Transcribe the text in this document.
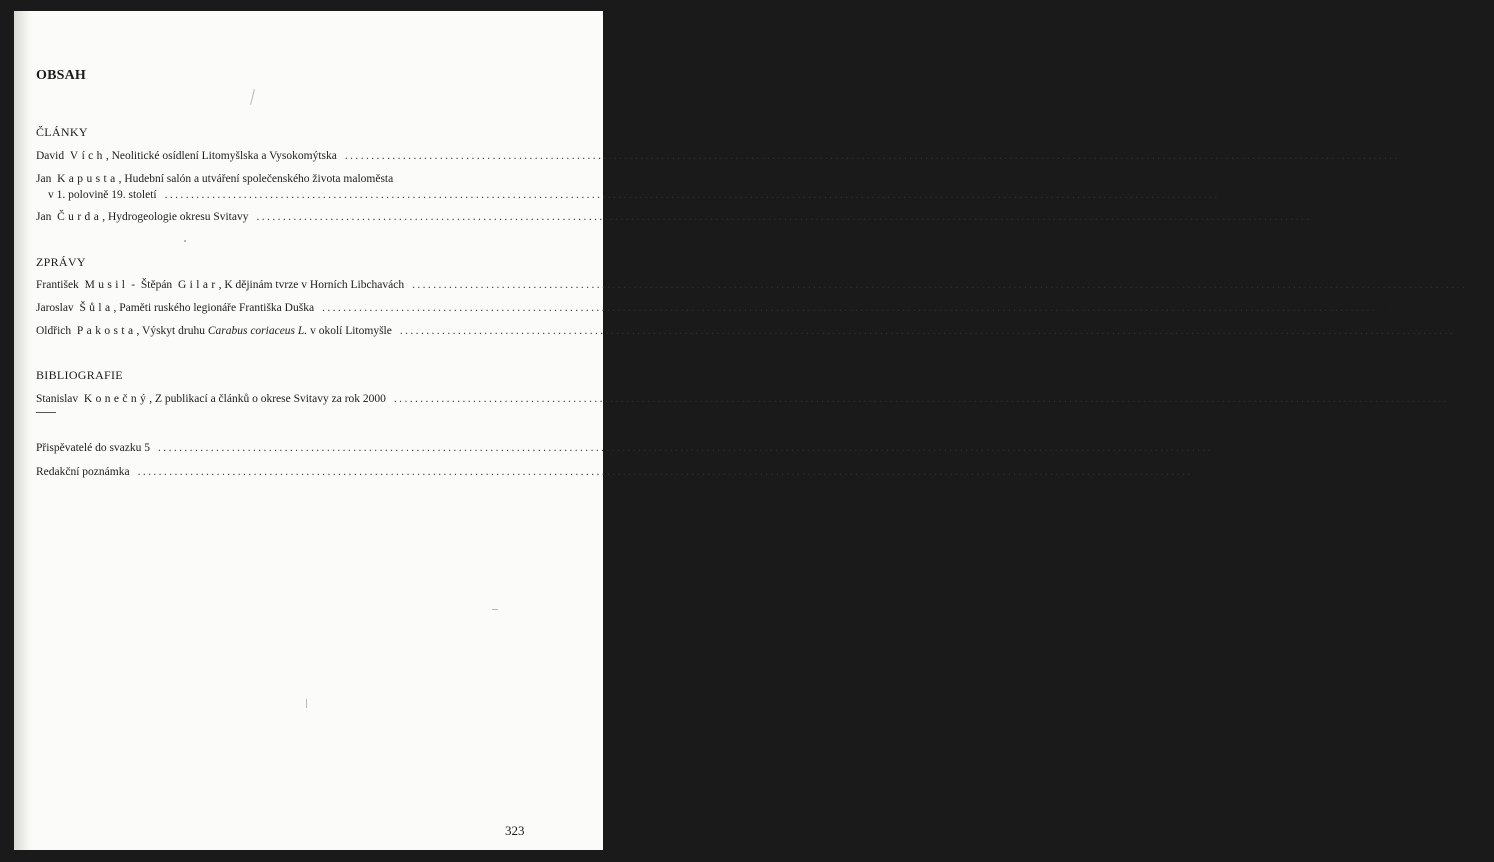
OBSAH
ČLÁNKY
David Vích, Neolitické osídlení Litomyšlska a Vysokomýtska ........................................................................................................................................................................................................ 7
Jan Kapusta, Hudební salón a utváření společenského života maloměsta
v 1. polovině 19. století ........................................................................................................................................................................................................ 79
Jan Čurda, Hydrogeologie okresu Svitavy ........................................................................................................................................................................................................ 133
ZPRÁVY
František Musil - Štěpán Gilar, K dějinám tvrze v Horních Libchavách ........................................................................................................................................................................................................ 243
Jaroslav Šůla, Paměti ruského legionáře Františka Duška ........................................................................................................................................................................................................ 251
Oldřich Pakosta, Výskyt druhu Carabus coriaceus L. v okolí Litomyšle ........................................................................................................................................................................................................ 301
BIBLIOGRAFIE
Stanislav Konečný, Z publikací a článků o okrese Svitavy za rok 2000 ........................................................................................................................................................................................................ 309
Přispěvatelé do svazku 5 ........................................................................................................................................................................................................ 319
Redakční poznámka ........................................................................................................................................................................................................ 321
323
